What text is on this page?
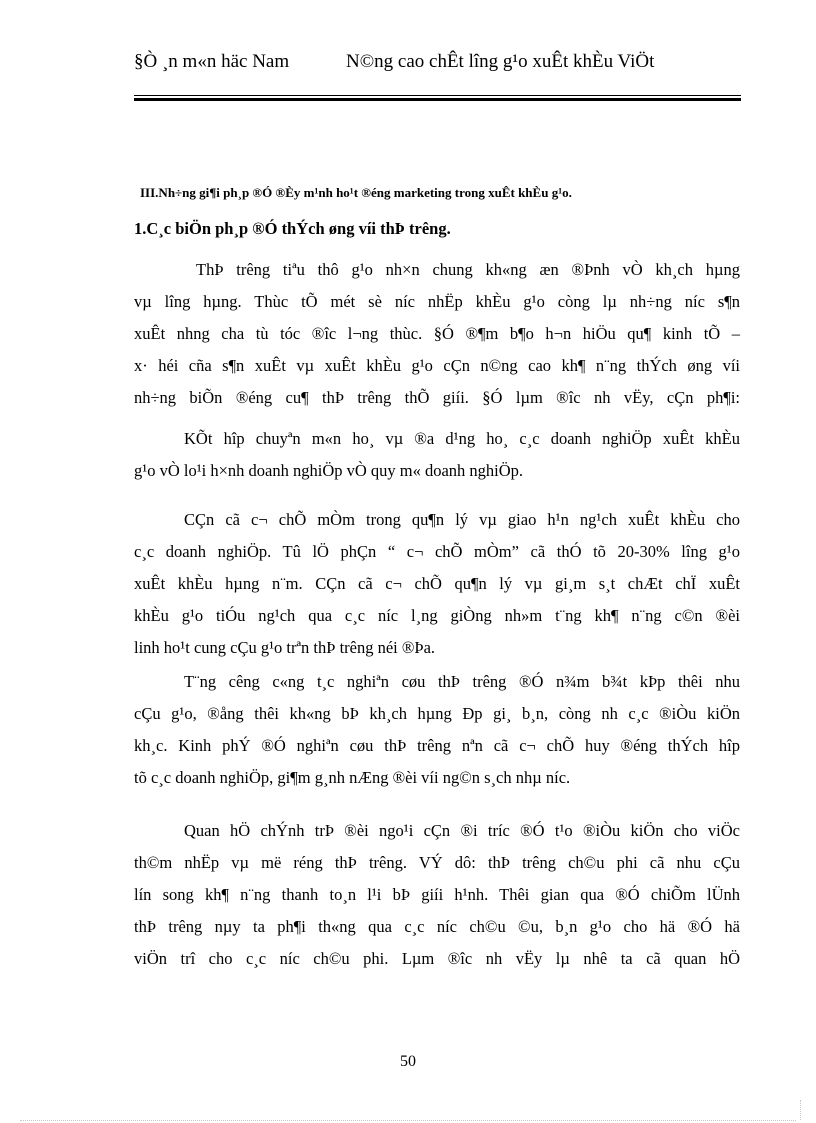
§Ò ¸n m«n häc Nam	N©ng cao chÊt lîng g¹o xuÊt khÈu ViÖt
III.Nh÷ng gi¶i ph¸p ®Ó ®Èy m¹nh ho¹t ®éng marketing trong xuÊt khÈu g¹o.
1.C¸c biÖn ph¸p ®Ó thÝch øng víi thÞ trêng.
ThÞ trêng tiªu thô g¹o nh×n chung kh«ng æn ®Þnh vÒ kh¸ch hµng
vµ lîng hµng. Thùc tÕ mét sè níc nhËp khÈu g¹o còng lµ nh÷ng níc s¶n
xuÊt nhng cha tù tóc ®îc l¬ng thùc. §Ó ®¶m b¶o h¬n hiÖu qu¶ kinh tÕ –
x· héi cña s¶n xuÊt vµ xuÊt khÈu g¹o cÇn n©ng cao kh¶ n¨ng thÝch øng víi
nh÷ng biÕn ®éng cu¶ thÞ trêng thÕ giíi. §Ó lµm ®îc nh vËy, cÇn ph¶i:
KÕt hîp chuyªn m«n ho¸ vµ ®a d¹ng ho¸ c¸c doanh nghiÖp xuÊt khÈu
g¹o vÒ lo¹i h×nh doanh nghiÖp vÒ quy m« doanh nghiÖp.
CÇn cã c¬ chÕ mÒm trong qu¶n lý vµ giao h¹n ng¹ch xuÊt khÈu cho
c¸c doanh nghiÖp. Tû lÖ phÇn “ c¬ chÕ mÒm” cã thÓ tõ 20-30% lîng g¹o
xuÊt khÈu hµng n¨m. CÇn cã c¬ chÕ qu¶n lý vµ gi¸m s¸t chÆt chÏ xuÊt
khÈu g¹o tiÓu ng¹ch qua c¸c níc l¸ng giÒng nh»m t¨ng kh¶ n¨ng c©n ®èi
linh ho¹t cung cÇu g¹o trªn thÞ trêng néi ®Þa.
T¨ng cêng c«ng t¸c nghiªn cøu thÞ trêng ®Ó n¾m b¾t kÞp thêi nhu
cÇu g¹o, ®ång thêi kh«ng bÞ kh¸ch hµng Ðp gi¸ b¸n, còng nh c¸c ®iÒu kiÖn
kh¸c. Kinh phÝ ®Ó nghiªn cøu thÞ trêng nªn cã c¬ chÕ huy ®éng thÝch hîp
tõ c¸c doanh nghiÖp, gi¶m g¸nh nÆng ®èi víi ng©n s¸ch nhµ níc.
Quan hÖ chÝnh trÞ ®èi ngo¹i cÇn ®i tríc ®Ó t¹o ®iÒu kiÖn cho viÖc
th©m nhËp vµ më réng thÞ trêng. VÝ dô: thÞ trêng ch©u phi cã nhu cÇu
lín song kh¶ n¨ng thanh to¸n l¹i bÞ giíi h¹nh. Thêi gian qua ®Ó chiÕm lÜnh
thÞ trêng nµy ta ph¶i th«ng qua c¸c níc ch©u ©u, b¸n g¹o cho hä ®Ó hä
viÖn trî cho c¸c níc ch©u phi. Lµm ®îc nh vËy lµ nhê ta cã quan hÖ
50
